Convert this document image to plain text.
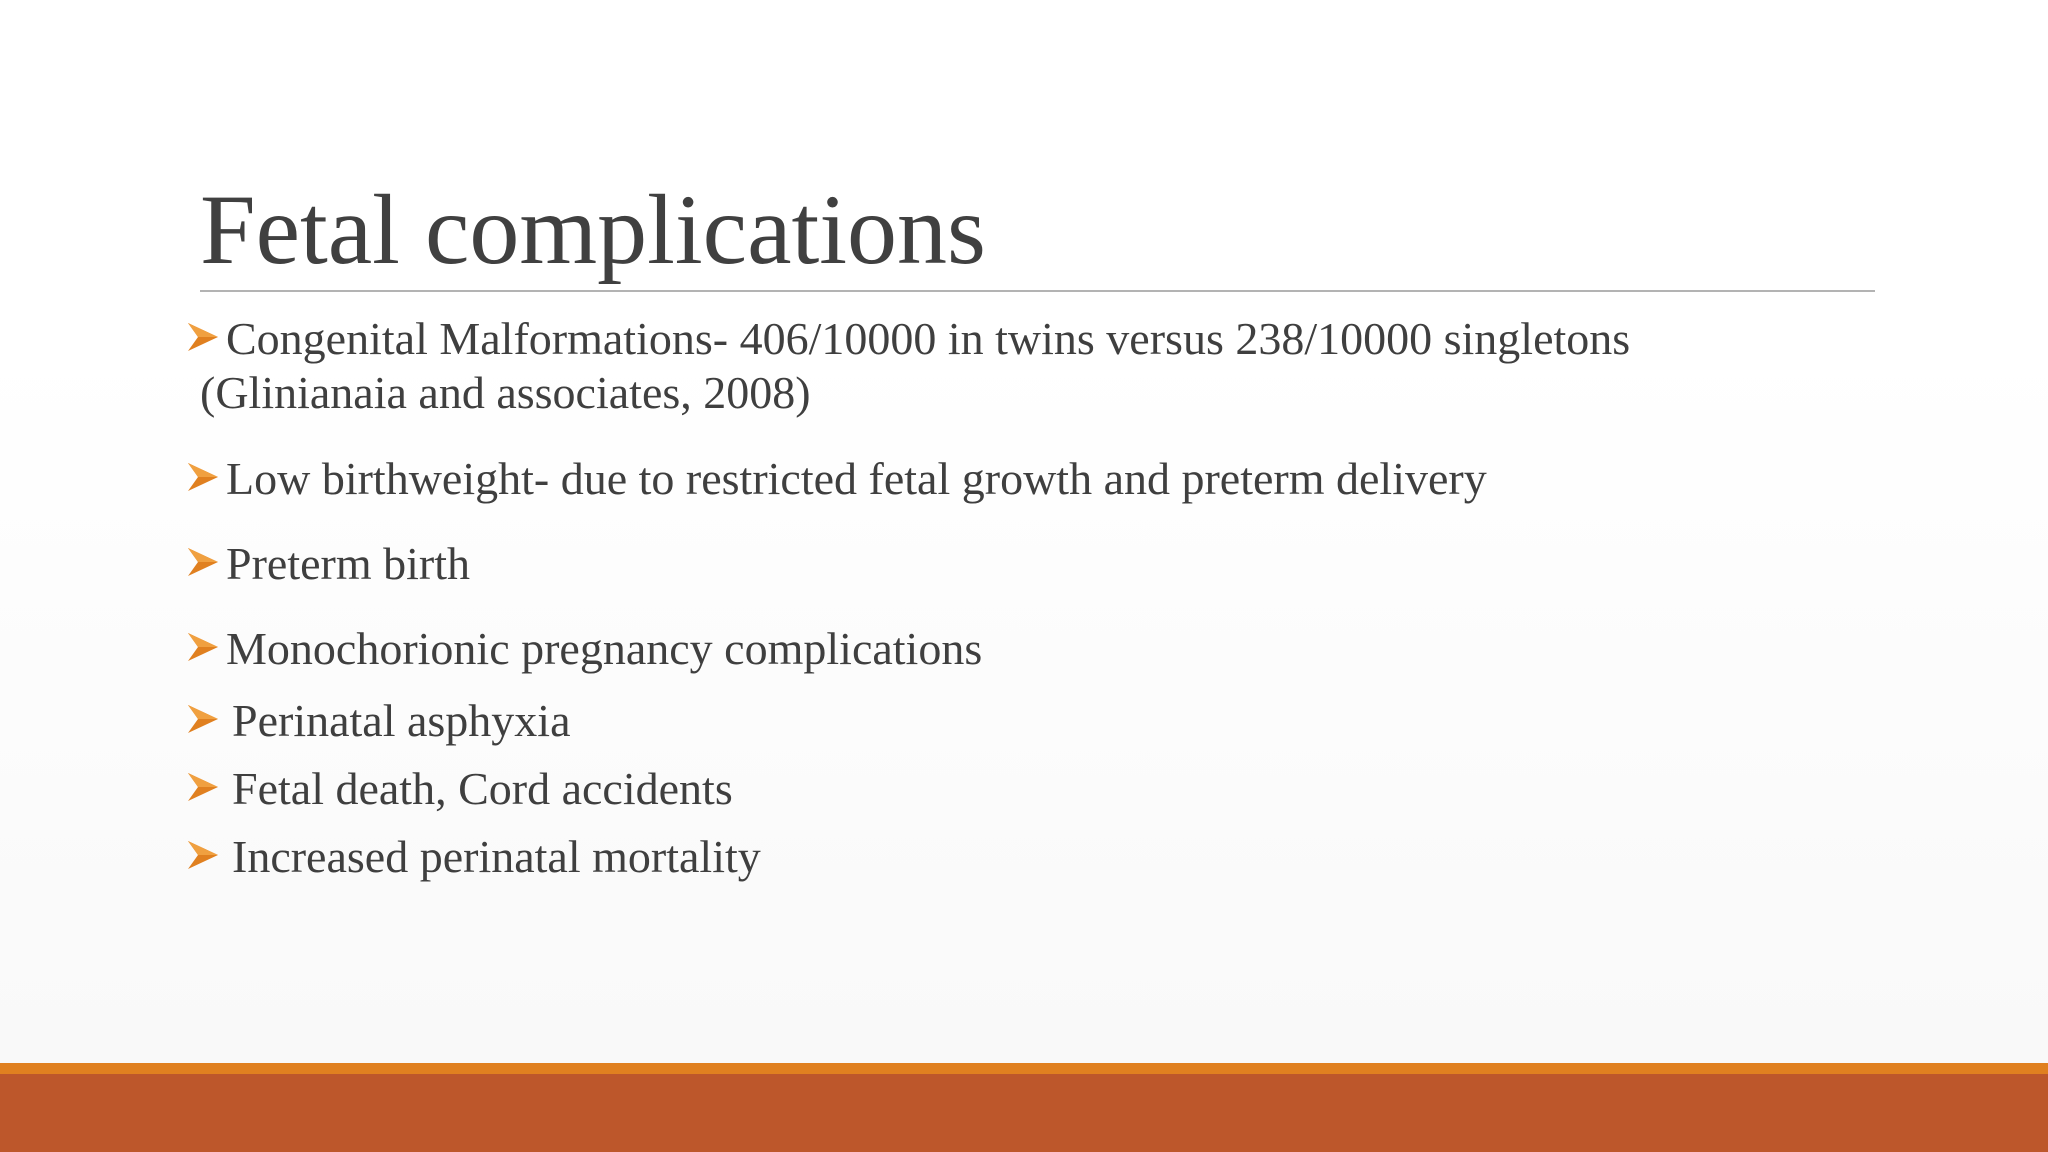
Fetal complications
Congenital Malformations- 406/10000 in twins versus 238/10000 singletons
(Glinianaia and associates, 2008)
Low birthweight- due to restricted fetal growth and preterm delivery
Preterm birth
Monochorionic pregnancy complications
Perinatal asphyxia
Fetal death, Cord accidents
Increased perinatal mortality
